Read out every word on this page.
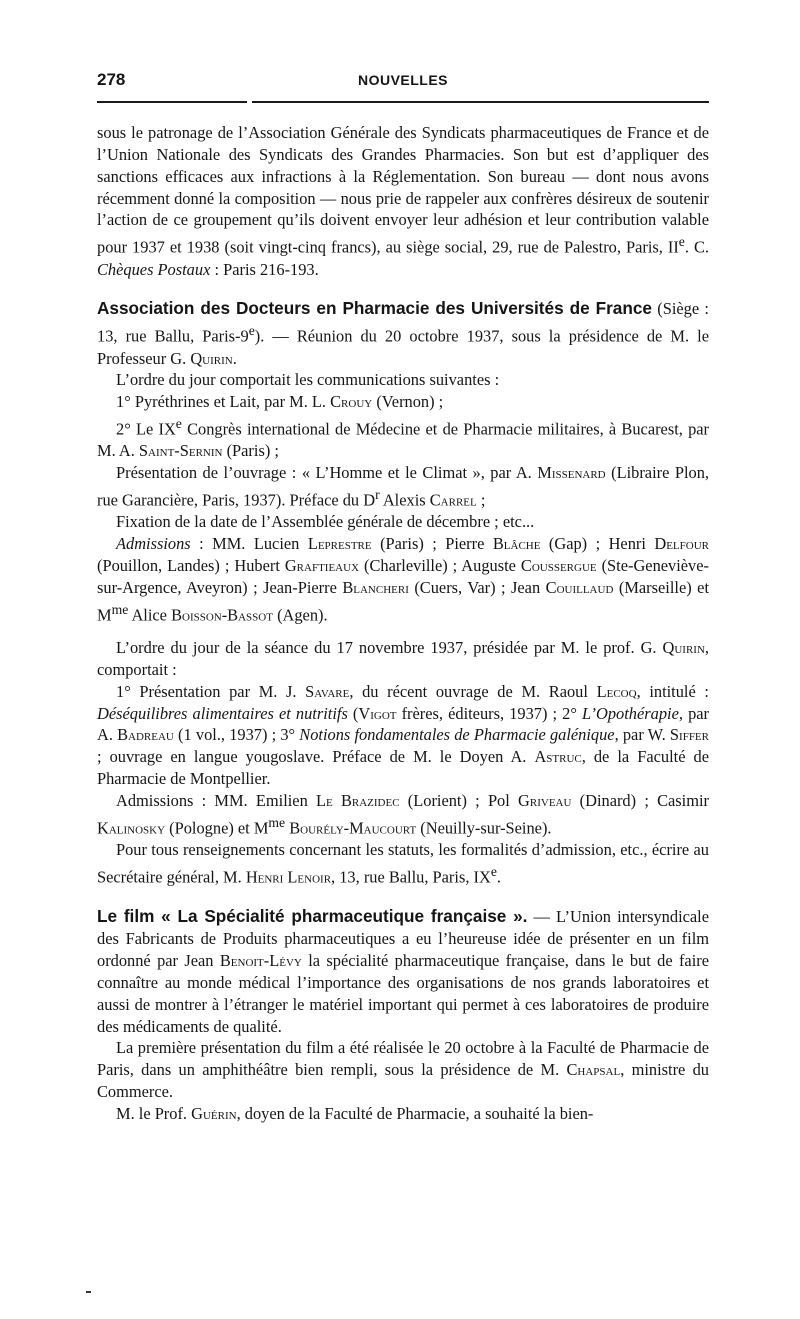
278	NOUVELLES

sous le patronage de l’Association Générale des Syndicats pharmaceutiques de France et de l’Union Nationale des Syndicats des Grandes Pharmacies. Son but est d’appliquer des sanctions efficaces aux infractions à la Réglementation. Son bureau — dont nous avons récemment donné la composition — nous prie de rappeler aux confrères désireux de soutenir l’action de ce groupement qu’ils doivent envoyer leur adhésion et leur contribution valable pour 1937 et 1938 (soit vingt-cinq francs), au siège social, 29, rue de Palestro, Paris, IIe. C. Chèques Postaux : Paris 216-193.

Association des Docteurs en Pharmacie des Universités de France (Siège : 13, rue Ballu, Paris-9e). — Réunion du 20 octobre 1937, sous la présidence de M. le Professeur G. Quirin.

L’ordre du jour comportait les communications suivantes :

1° Pyréthrines et Lait, par M. L. Crouy (Vernon) ;

2° Le IXe Congrès international de Médecine et de Pharmacie militaires, à Bucarest, par M. A. Saint-Sernin (Paris) ;

Présentation de l’ouvrage : « L’Homme et le Climat », par A. Missenard (Libraire Plon, rue Garancière, Paris, 1937). Préface du $D^r$ Alexis Carrel ;

Fixation de la date de l’Assemblée générale de décembre ; etc...

Admissions : MM. Lucien Leprestre (Paris) ; Pierre Blâche (Gap) ; Henri Delfour (Pouillon, Landes) ; Hubert Graftieaux (Charleville) ; Auguste Coussergue (Ste-Geneviève-sur-Argence, Aveyron) ; Jean-Pierre Blancheri (Cuers, Var) ; Jean Couillaud (Marseille) et $M^{me}$ Alice Boisson-Bassot (Agen).

L’ordre du jour de la séance du 17 novembre 1937, présidée par M. le prof. G. Quirin, comportait :

1° Présentation par M. J. Savare, du récent ouvrage de M. Raoul Lecoq, intitulé : Déséquilibres alimentaires et nutritifs (Vigot frères, éditeurs, 1937) ; 2° L’Opothérapie, par A. Badreau (1 vol., 1937) ; 3° Notions fondamentales de Pharmacie galénique, par W. Siffer ; ouvrage en langue yougoslave. Préface de M. le Doyen A. Astruc, de la Faculté de Pharmacie de Montpellier.

Admissions : MM. Emilien Le Brazidec (Lorient) ; Pol Griveau (Dinard) ; Casimir Kalinosky (Pologne) et $M^{me}$ Bourély-Maucourt (Neuilly-sur-Seine).

Pour tous renseignements concernant les statuts, les formalités d’admission, etc., écrire au Secrétaire général, M. Henri Lenoir, 13, rue Ballu, Paris, IXe.

Le film « La Spécialité pharmaceutique française ». — L’Union intersyndicale des Fabricants de Produits pharmaceutiques a eu l’heureuse idée de présenter en un film ordonné par Jean Benoit-Lévy la spécialité pharmaceutique française, dans le but de faire connaître au monde médical l’importance des organisations de nos grands laboratoires et aussi de montrer à l’étranger le matériel important qui permet à ces laboratoires de produire des médicaments de qualité.

La première présentation du film a été réalisée le 20 octobre à la Faculté de Pharmacie de Paris, dans un amphithéâtre bien rempli, sous la présidence de M. Chapsal, ministre du Commerce.

M. le Prof. Guérin, doyen de la Faculté de Pharmacie, a souhaité la bien-
